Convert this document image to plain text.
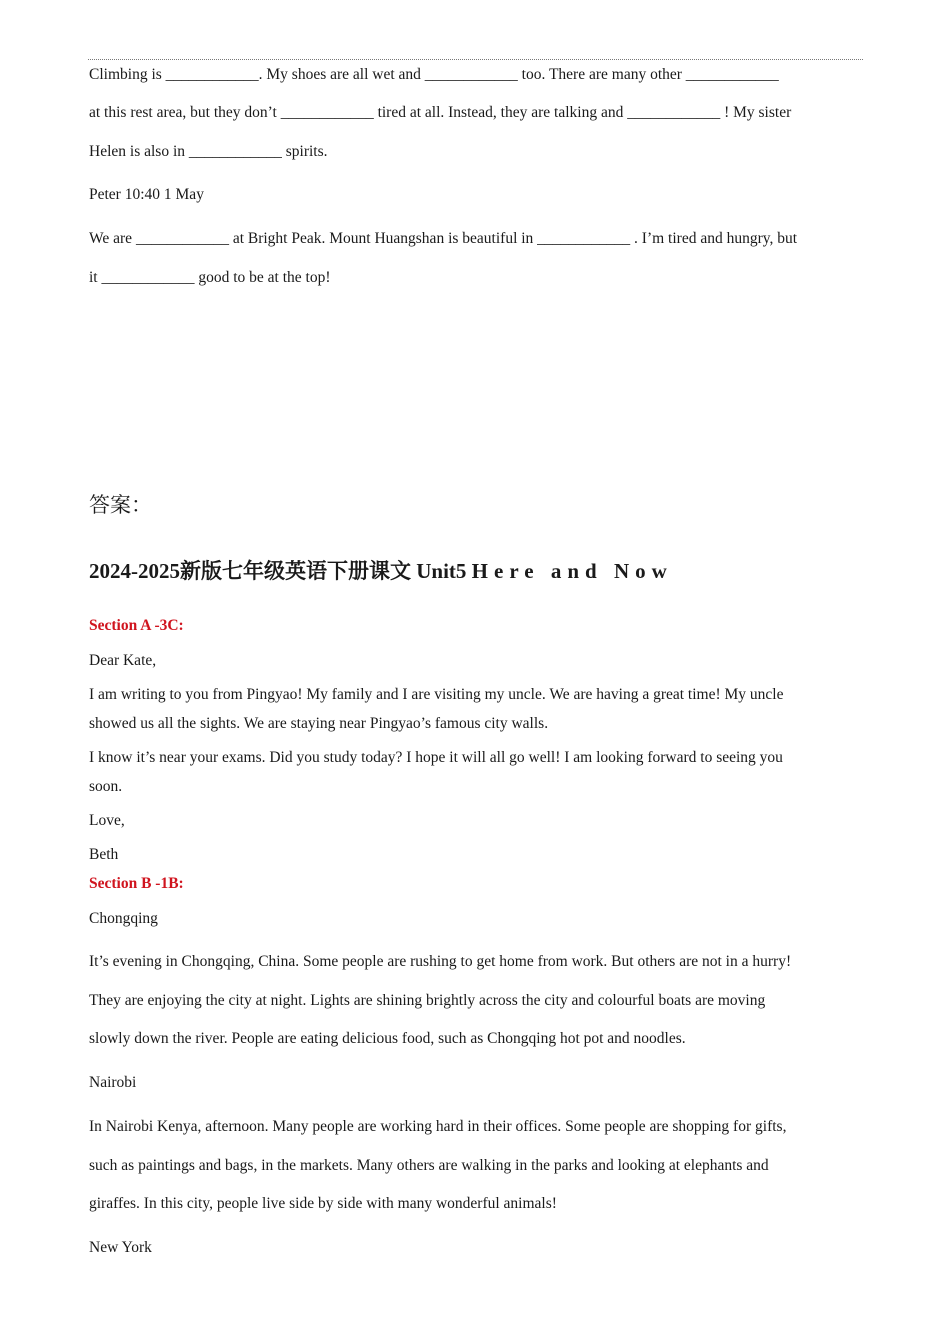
Climbing is ____________. My shoes are all wet and ____________ too. There are many other ____________
at this rest area, but they don’t ____________ tired at all. Instead, they are talking and ____________ ! My sister
Helen is also in ____________ spirits.
Peter 10:40 1 May
We are ____________ at Bright Peak. Mount Huangshan is beautiful in ____________ . I’m tired and hungry, but
it ____________ good to be at the top!
答案：
2024-2025新版七年级英语下册课文 Unit5 Here and Now
Section A -3C:
Dear Kate,
I am writing to you from Pingyao! My family and I are visiting my uncle. We are having a great time! My uncle
showed us all the sights. We are staying near Pingyao’s famous city walls.
I know it’s near your exams. Did you study today? I hope it will all go well! I am looking forward to seeing you
soon.
Love,
Beth
Section B -1B:
Chongqing
It’s evening in Chongqing, China. Some people are rushing to get home from work. But others are not in a hurry!
They are enjoying the city at night. Lights are shining brightly across the city and colourful boats are moving
slowly down the river. People are eating delicious food, such as Chongqing hot pot and noodles.
Nairobi
In Nairobi Kenya, afternoon. Many people are working hard in their offices. Some people are shopping for gifts,
such as paintings and bags, in the markets. Many others are walking in the parks and looking at elephants and
giraffes. In this city, people live side by side with many wonderful animals!
New York
